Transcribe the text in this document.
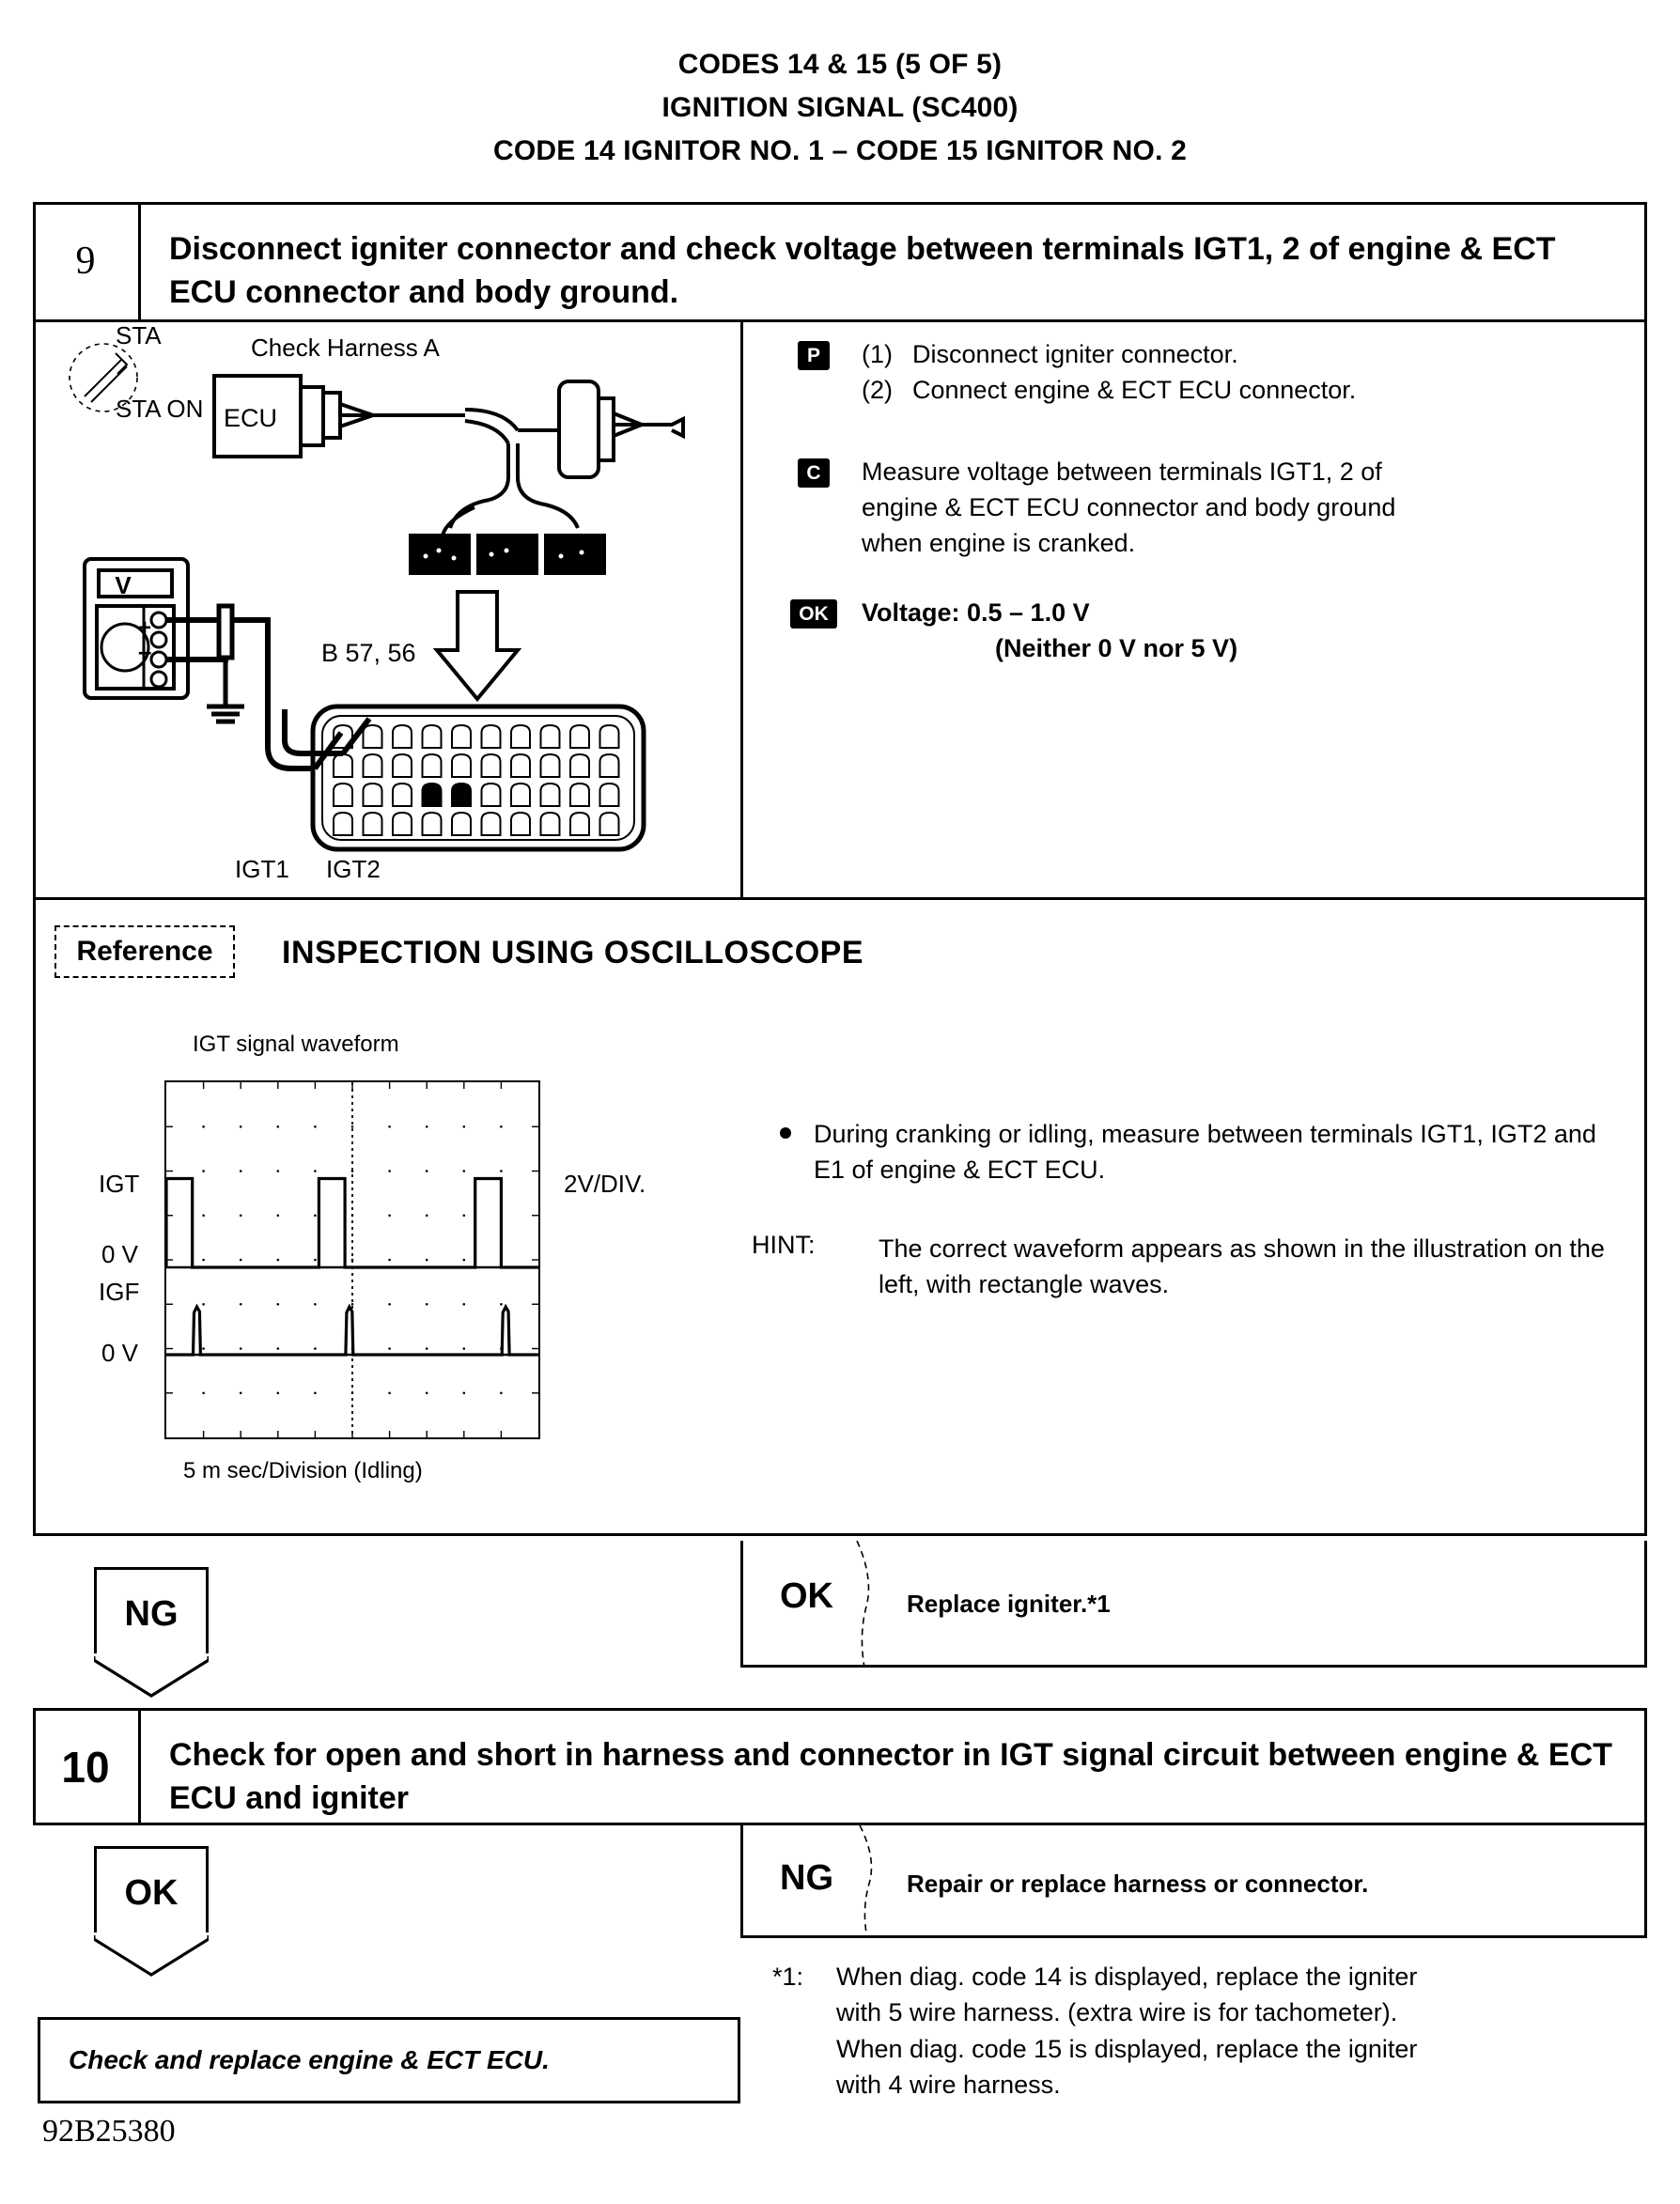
CODES 14 & 15 (5 OF 5)
IGNITION SIGNAL (SC400)
CODE 14 IGNITOR NO. 1 – CODE 15 IGNITOR NO. 2
9 Disconnect igniter connector and check voltage between terminals IGT1, 2 of engine & ECT ECU connector and body ground.
V
+
–
STA
STA ON
Check Harness A
ECU
B 57, 56
IGT1 IGT2
P	(1) Disconnect igniter connector.
(2) Connect engine & ECT ECU connector.
C	Measure voltage between terminals IGT1, 2 of
engine & ECT ECU connector and body ground
when engine is cranked.
OK	Voltage: 0.5 – 1.0 V
(Neither 0 V nor 5 V)
Reference	INSPECTION USING OSCILLOSCOPE
IGT signal waveform
IGT
0 V
IGF
0 V
2V/DIV.
5 m sec/Division (Idling)
During cranking or idling, measure between terminals IGT1, IGT2 and E1 of engine & ECT ECU.
HINT:	The correct waveform appears as shown in the illustration on the left, with rectangle waves.
NG	OK	Replace igniter.*1
10 Check for open and short in harness and connector in IGT signal circuit between engine & ECT ECU and igniter
OK	NG	Repair or replace harness or connector.
*1: When diag. code 14 is displayed, replace the igniter
with 5 wire harness. (extra wire is for tachometer).
When diag. code 15 is displayed, replace the igniter
with 4 wire harness.
Check and replace engine & ECT ECU.
92B25380
